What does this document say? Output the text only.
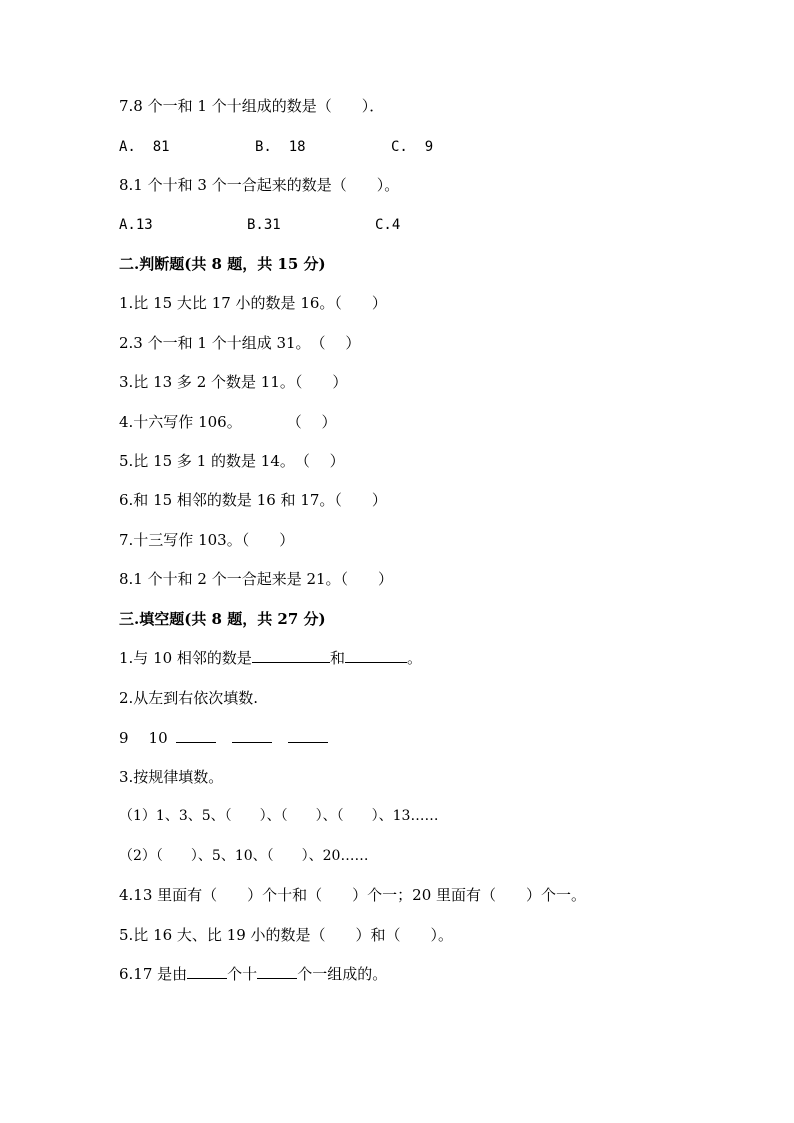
7.8 个一和 1 个十组成的数是（　　）．
A.  81	B.  18	C.  9
8.1 个十和 3 个一合起来的数是（　　）。
A.13	B.31	C.4
二.判断题(共 8 题，共 15 分)
1.比 15 大比 17 小的数是 16。（　　）
2.3 个一和 1 个十组成 31。　（　 ）
3.比 13 多 2 个数是 11。（　　）
4.十六写作 106。　　　　（　 ）
5.比 15 多 1 的数是 14。　（　 ）
6.和 15 相邻的数是 16 和 17。（　　）
7.十三写作 103。（　　）
8.1 个十和 2 个一合起来是 21。（　　）
三.填空题(共 8 题，共 27 分)
1.与 10 相邻的数是	和	。
2.从左到右依次填数.
9 10
3.按规律填数。
（1）1、3、5、（　　）、（　　）、（　　）、13……
（2）（　　）、5、10、（　　）、20……
4.13 里面有（　　）个十和（　　）个一；20 里面有（　　）个一。
5.比 16 大、比 19 小的数是（　　）和（　　）。
6.17 是由	个十	个一组成的。
